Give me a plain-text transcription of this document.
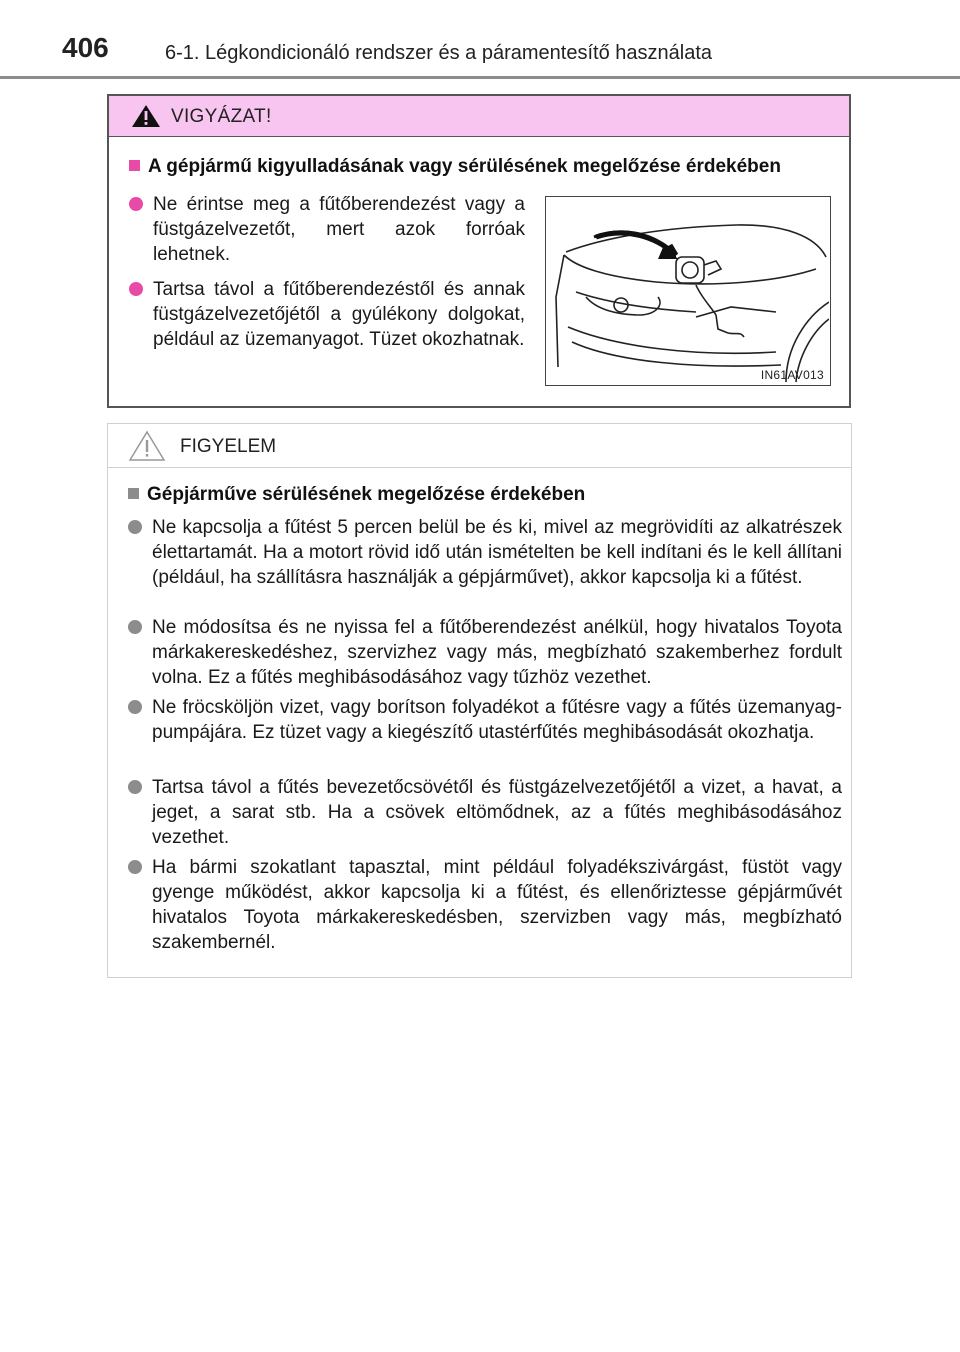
406	6-1. Légkondicionáló rendszer és a páramentesítő használata
VIGYÁZAT!
A gépjármű kigyulladásának vagy sérülésének megelőzése érdekében
Ne érintse meg a fűtőberendezést vagy a füstgázelvezetőt, mert azok forróak lehetnek.
Tartsa távol a fűtőberendezéstől és annak füstgázelvezetőjétől a gyúlékony dolgokat, például az üzemanyagot. Tüzet okozhatnak.
IN61AV013
FIGYELEM
Gépjárműve sérülésének megelőzése érdekében
Ne kapcsolja a fűtést 5 percen belül be és ki, mivel az megrövidíti az alkatrészek élettartamát. Ha a motort rövid idő után ismételten be kell indítani és le kell állítani (például, ha szállításra használják a gépjárművet), akkor kapcsolja ki a fűtést.
Ne módosítsa és ne nyissa fel a fűtőberendezést anélkül, hogy hivatalos Toyota márkakereskedéshez, szervizhez vagy más, megbízható szakemberhez fordult volna. Ez a fűtés meghibásodásához vagy tűzhöz vezethet.
Ne fröcsköljön vizet, vagy borítson folyadékot a fűtésre vagy a fűtés üzemanyag-pumpájára. Ez tüzet vagy a kiegészítő utastérfűtés meghibásodását okozhatja.
Tartsa távol a fűtés bevezetőcsövétől és füstgázelvezetőjétől a vizet, a havat, a jeget, a sarat stb. Ha a csövek eltömődnek, az a fűtés meghibásodásához vezethet.
Ha bármi szokatlant tapasztal, mint például folyadékszivárgást, füstöt vagy gyenge működést, akkor kapcsolja ki a fűtést, és ellenőriztesse gépjárművét hivatalos Toyota márkakereskedésben, szervizben vagy más, megbízható szakembernél.
